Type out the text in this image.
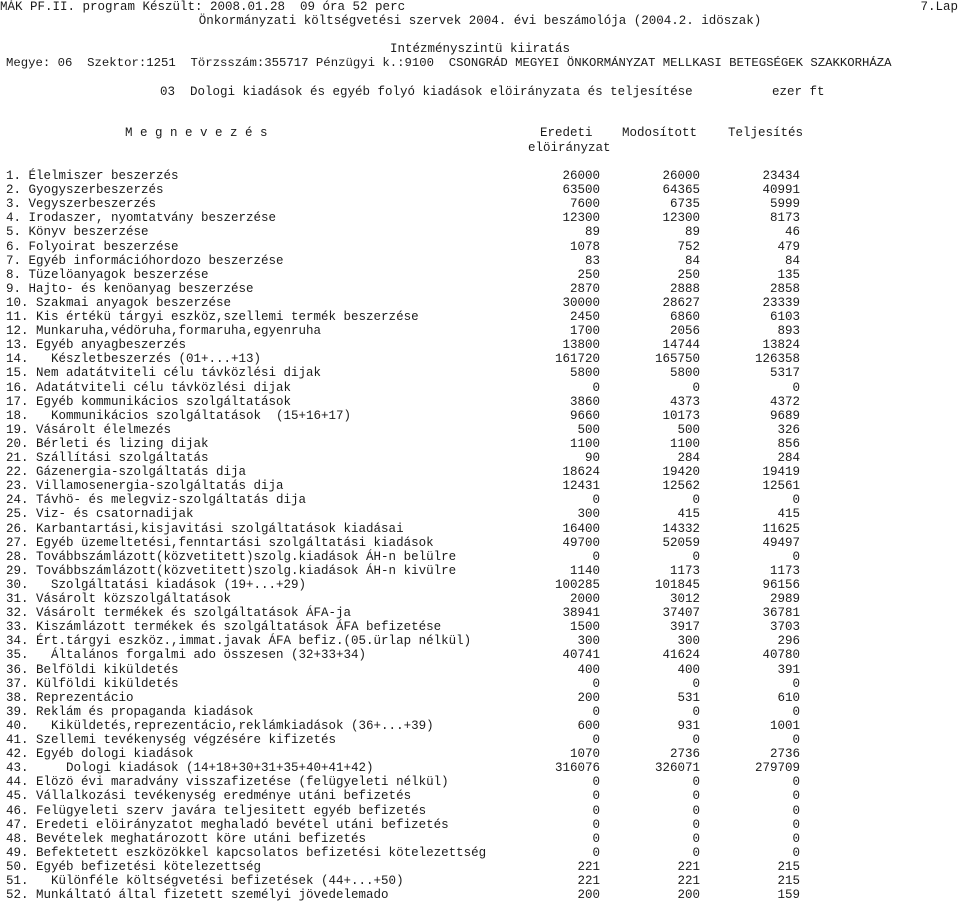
MÁK PF.II. program Készült: 2008.01.28  09 óra 52 perc	7.Lap
Önkormányzati költségvetési szervek 2004. évi beszámolója (2004.2. idöszak)
Intézményszintü kiiratás
Megye: 06  Szektor:1251  Törzsszám:355717 Pénzügyi k.:9100  CSONGRÁD MEGYEI ÖNKORMÁNYZAT MELLKASI BETEGSÉGEK SZAKKORHÁZA
03  Dologi kiadások és egyéb folyó kiadások elöirányzata és teljesítése	ezer ft
M e g n e v e z é s	Eredeti
elöirányzat
Modosított Teljesítés
1. Élelmiszer beszerzés	26000	26000	23434
2. Gyogyszerbeszerzés	63500	64365	40991
3. Vegyszerbeszerzés	7600	6735	5999
4. Irodaszer, nyomtatvány beszerzése	12300	12300	8173
5. Könyv beszerzése	89	89	46
6. Folyoirat beszerzése	1078	752	479
7. Egyéb információhordozo beszerzése	83	84	84
8. Tüzelöanyagok beszerzése	250	250	135
9. Hajto- és kenöanyag beszerzése	2870	2888	2858
10. Szakmai anyagok beszerzése	30000	28627	23339
11. Kis értékü tárgyi eszköz,szellemi termék beszerzése	2450	6860	6103
12. Munkaruha,védöruha,formaruha,egyenruha	1700	2056	893
13. Egyéb anyagbeszerzés	13800	14744	13824
14.   Készletbeszerzés (01+...+13)	161720	165750	126358
15. Nem adatátviteli célu távközlési dijak	5800	5800	5317
16. Adatátviteli célu távközlési dijak	0	0	0
17. Egyéb kommunikácios szolgáltatások	3860	4373	4372
18.   Kommunikácios szolgáltatások  (15+16+17)	9660	10173	9689
19. Vásárolt élelmezés	500	500	326
20. Bérleti és lizing dijak	1100	1100	856
21. Szállítási szolgáltatás	90	284	284
22. Gázenergia-szolgáltatás dija	18624	19420	19419
23. Villamosenergia-szolgáltatás dija	12431	12562	12561
24. Távhö- és melegviz-szolgáltatás dija	0	0	0
25. Viz- és csatornadijak	300	415	415
26. Karbantartási,kisjavitási szolgáltatások kiadásai	16400	14332	11625
27. Egyéb üzemeltetési,fenntartási szolgáltatási kiadások	49700	52059	49497
28. Továbbszámlázott(közvetitett)szolg.kiadások ÁH-n belülre	0	0	0
29. Továbbszámlázott(közvetitett)szolg.kiadások ÁH-n kivülre	1140	1173	1173
30.   Szolgáltatási kiadások (19+...+29)	100285	101845	96156
31. Vásárolt közszolgáltatások	2000	3012	2989
32. Vásárolt termékek és szolgáltatások ÁFA-ja	38941	37407	36781
33. Kiszámlázott termékek és szolgáltatások ÁFA befizetése	1500	3917	3703
34. Ért.tárgyi eszköz.,immat.javak ÁFA befiz.(05.ürlap nélkül)	300	300	296
35.   Általános forgalmi ado összesen (32+33+34)	40741	41624	40780
36. Belföldi kiküldetés	400	400	391
37. Külföldi kiküldetés	0	0	0
38. Reprezentácio	200	531	610
39. Reklám és propaganda kiadások	0	0	0
40.   Kiküldetés,reprezentácio,reklámkiadások (36+...+39)	600	931	1001
41. Szellemi tevékenység végzésére kifizetés	0	0	0
42. Egyéb dologi kiadások	1070	2736	2736
43.     Dologi kiadások (14+18+30+31+35+40+41+42)	316076	326071	279709
44. Elözö évi maradvány visszafizetése (felügyeleti nélkül)	0	0	0
45. Vállalkozási tevékenység eredménye utáni befizetés	0	0	0
46. Felügyeleti szerv javára teljesitett egyéb befizetés	0	0	0
47. Eredeti elöirányzatot meghaladó bevétel utáni befizetés	0	0	0
48. Bevételek meghatározott köre utáni befizetés	0	0	0
49. Befektetett eszközökkel kapcsolatos befizetési kötelezettség	0	0	0
50. Egyéb befizetési kötelezettség	221	221	215
51.   Különféle költségvetési befizetések (44+...+50)	221	221	215
52. Munkáltató által fizetett személyi jövedelemado	200	200	159
